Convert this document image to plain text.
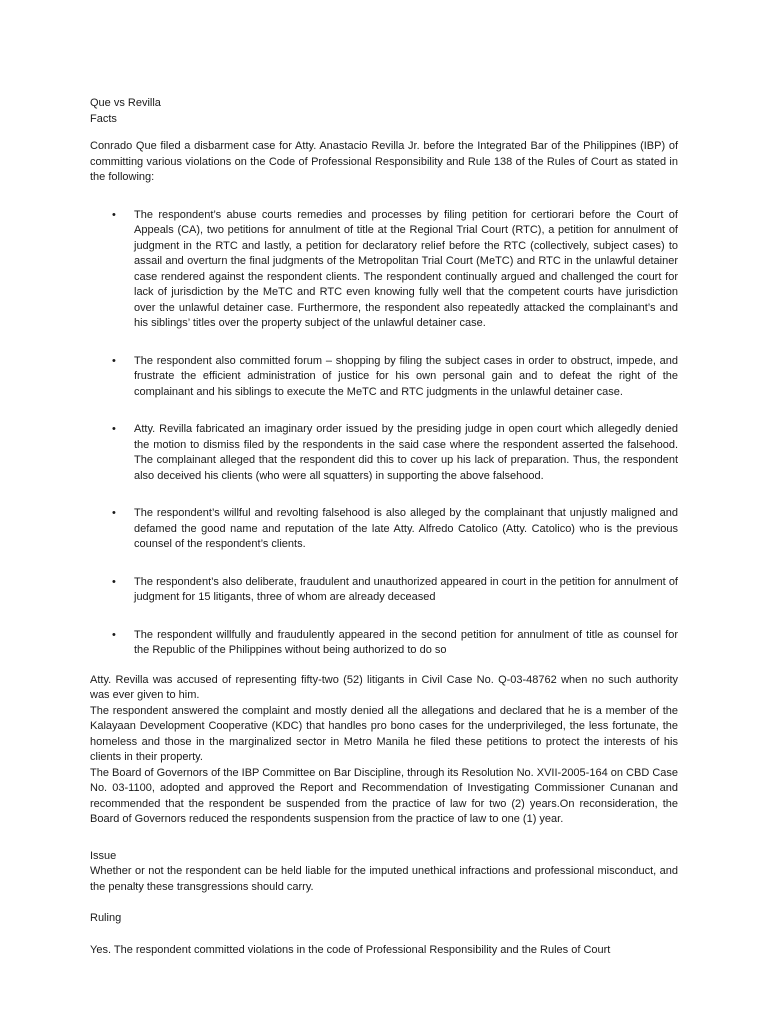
Que vs Revilla

Facts

Conrado Que filed a disbarment case for Atty. Anastacio Revilla Jr. before the Integrated Bar of the Philippines (IBP) of committing various violations on the Code of Professional Responsibility and Rule 138 of the Rules of Court as stated in the following:

• The respondent’s abuse courts remedies and processes by filing petition for certiorari before the Court of Appeals (CA), two petitions for annulment of title at the Regional Trial Court (RTC), a petition for annulment of judgment in the RTC and lastly, a petition for declaratory relief before the RTC (collectively, subject cases) to assail and overturn the final judgments of the Metropolitan Trial Court (MeTC) and RTC in the unlawful detainer case rendered against the respondent clients. The respondent continually argued and challenged the court for lack of jurisdiction by the MeTC and RTC even knowing fully well that the competent courts have jurisdiction over the unlawful detainer case. Furthermore, the respondent also repeatedly attacked the complainant’s and his siblings’ titles over the property subject of the unlawful detainer case.
• The respondent also committed forum – shopping by filing the subject cases in order to obstruct, impede, and frustrate the efficient administration of justice for his own personal gain and to defeat the right of the complainant and his siblings to execute the MeTC and RTC judgments in the unlawful detainer case.
• Atty. Revilla fabricated an imaginary order issued by the presiding judge in open court which allegedly denied the motion to dismiss filed by the respondents in the said case where the respondent asserted the falsehood. The complainant alleged that the respondent did this to cover up his lack of preparation. Thus, the respondent also deceived his clients (who were all squatters) in supporting the above falsehood.
• The respondent’s willful and revolting falsehood is also alleged by the complainant that unjustly maligned and defamed the good name and reputation of the late Atty. Alfredo Catolico (Atty. Catolico) who is the previous counsel of the respondent’s clients.
• The respondent’s also deliberate, fraudulent and unauthorized appeared in court in the petition for annulment of judgment for 15 litigants, three of whom are already deceased
• The respondent willfully and fraudulently appeared in the second petition for annulment of title as counsel for the Republic of the Philippines without being authorized to do so

Atty. Revilla was accused of representing fifty-two (52) litigants in Civil Case No. Q-03-48762 when no such authority was ever given to him.

The respondent answered the complaint and mostly denied all the allegations and declared that he is a member of the Kalayaan Development Cooperative (KDC) that handles pro bono cases for the underprivileged, the less fortunate, the homeless and those in the marginalized sector in Metro Manila he filed these petitions to protect the interests of his clients in their property.

The Board of Governors of the IBP Committee on Bar Discipline, through its Resolution No. XVII-2005-164 on CBD Case No. 03-1100, adopted and approved the Report and Recommendation of Investigating Commissioner Cunanan and recommended that the respondent be suspended from the practice of law for two (2) years.On reconsideration, the Board of Governors reduced the respondents suspension from the practice of law to one (1) year.

Issue

Whether or not the respondent can be held liable for the imputed unethical infractions and professional misconduct, and the penalty these transgressions should carry.

Ruling

Yes. The respondent committed violations in the code of Professional Responsibility and the Rules of Court
